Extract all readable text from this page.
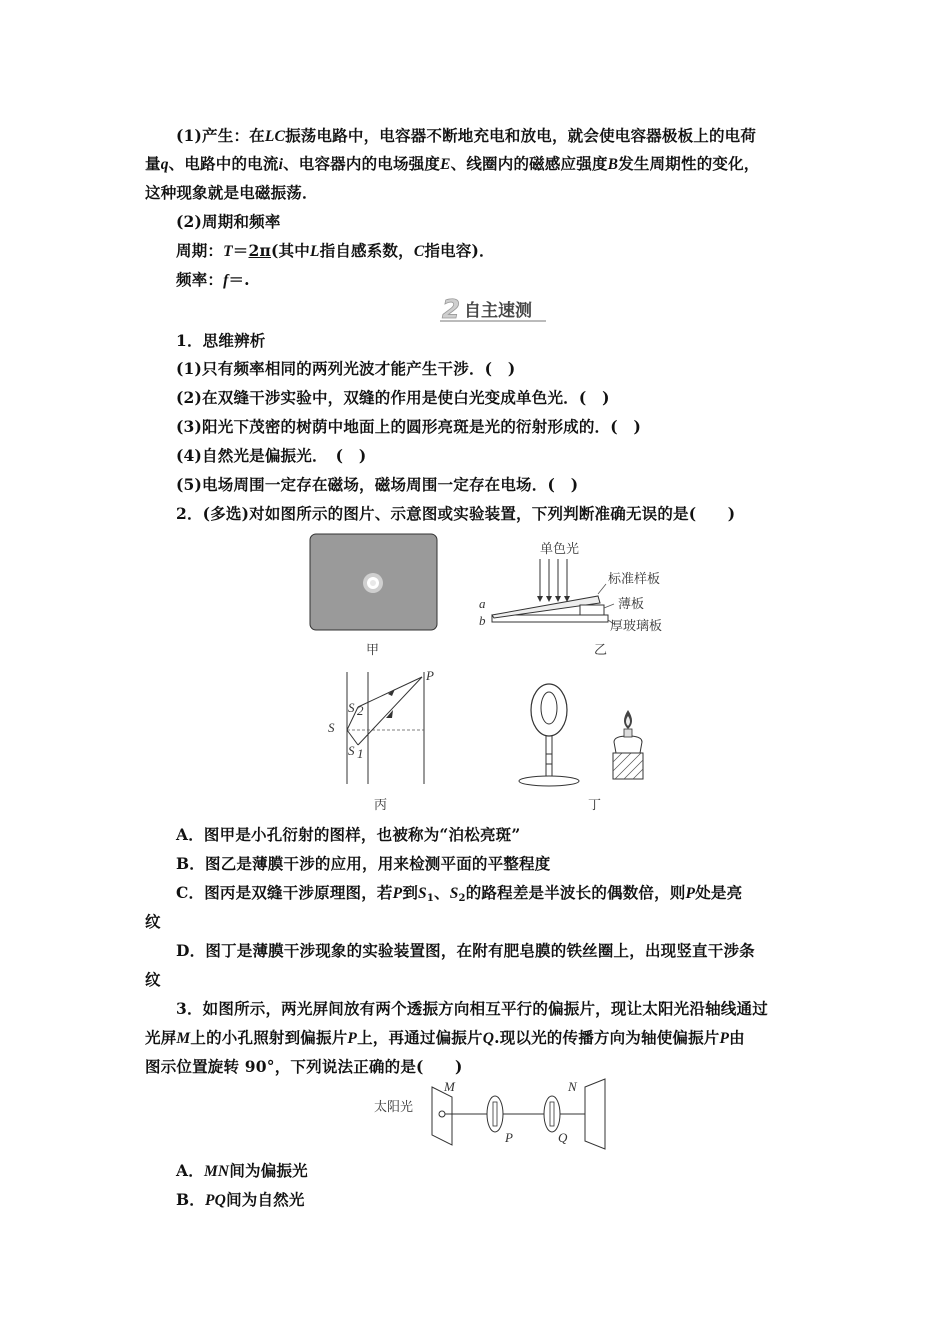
(1)产生：在LC振荡电路中，电容器不断地充电和放电，就会使电容器极板上的电荷
量q、电路中的电流i、电容器内的电场强度E、线圈内的磁感应强度B发生周期性的变化，
这种现象就是电磁振荡．
(2)周期和频率
周期：T＝2π(其中L指自感系数，C指电容)．
频率：f＝.
2 自主速测
1．思维辨析
(1)只有频率相同的两列光波才能产生干涉．(　)
(2)在双缝干涉实验中，双缝的作用是使白光变成单色光．(　)
(3)阳光下茂密的树荫中地面上的圆形亮斑是光的衍射形成的．(　)
(4)自然光是偏振光．　(　)
(5)电场周围一定存在磁场，磁场周围一定存在电场．(　)
2．(多选)对如图所示的图片、示意图或实验装置，下列判断准确无误的是(　　)
甲
单色光
标准样板
薄板
厚玻璃板
a
b
乙
P
S
S 2
S 1
丙	丁
A．图甲是小孔衍射的图样，也被称为“泊松亮斑”
B．图乙是薄膜干涉的应用，用来检测平面的平整程度
C．图丙是双缝干涉原理图，若P到$S_1$、$S_2$的路程差是半波长的偶数倍，则P处是亮
纹
D．图丁是薄膜干涉现象的实验装置图，在附有肥皂膜的铁丝圈上，出现竖直干涉条
纹
3．如图所示，两光屏间放有两个透振方向相互平行的偏振片，现让太阳光沿轴线通过
光屏M上的小孔照射到偏振片P上，再通过偏振片Q.现以光的传播方向为轴使偏振片P由
图示位置旋转 90°，下列说法正确的是(　　)
太阳光
M	N
P	Q
A．MN间为偏振光
B．PQ间为自然光
